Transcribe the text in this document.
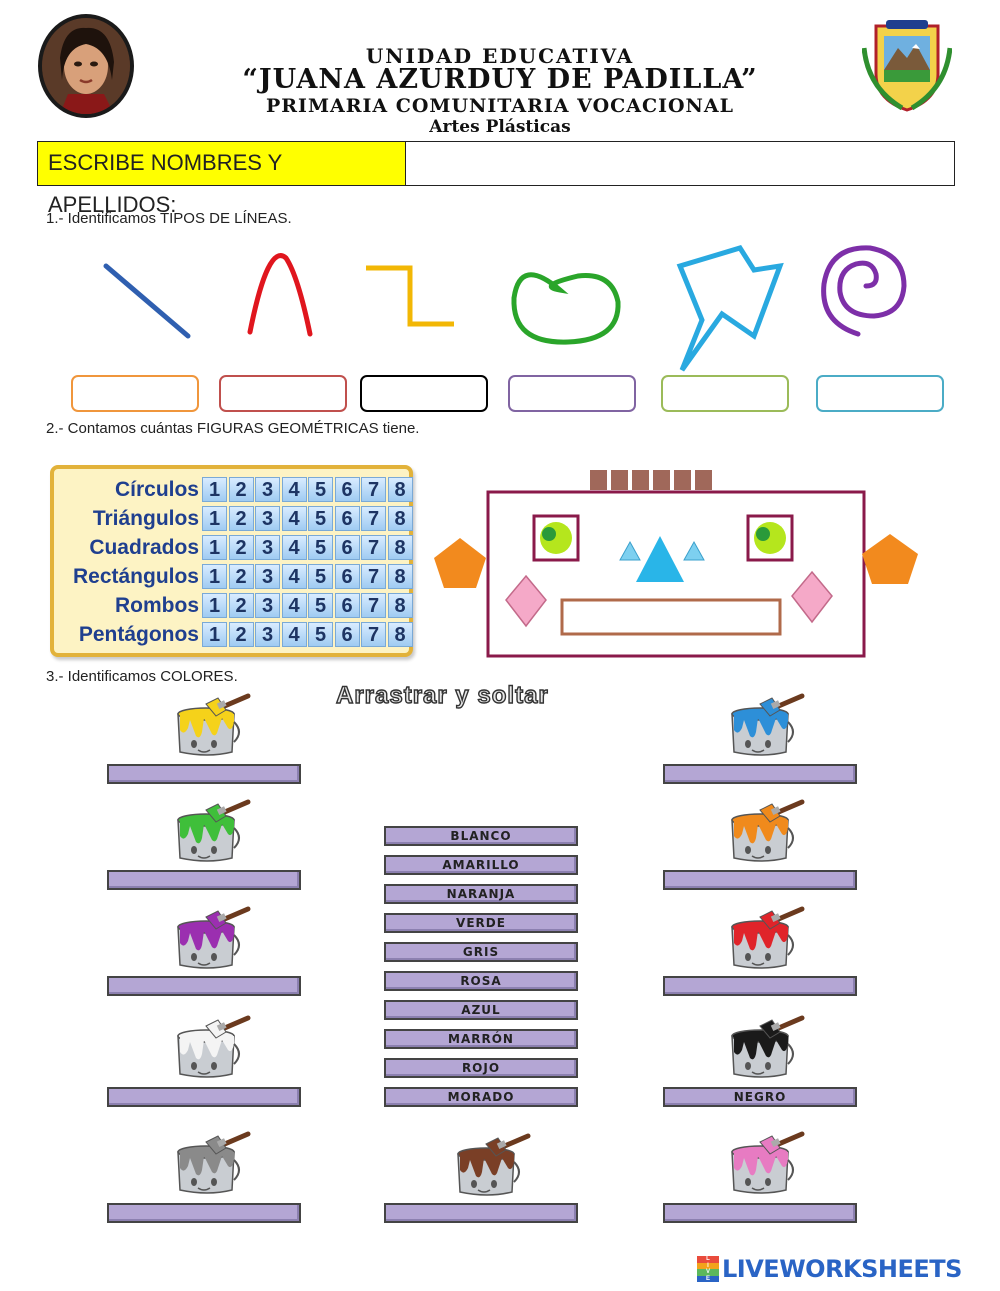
UNIDAD EDUCATIVA
“JUANA AZURDUY DE PADILLA”
PRIMARIA COMUNITARIA VOCACIONAL
Artes Plásticas
ESCRIBE NOMBRES Y APELLIDOS:
1.- Identificamos TIPOS DE LÍNEAS.
2.- Contamos cuántas FIGURAS GEOMÉTRICAS tiene.
Círculos 1 2 3 4 5 6 7 8
Triángulos 1 2 3 4 5 6 7 8
Cuadrados 1 2 3 4 5 6 7 8
Rectángulos 1 2 3 4 5 6 7 8
Rombos 1 2 3 4 5 6 7 8
Pentágonos 1 2 3 4 5 6 7 8
3.- Identificamos COLORES.
Arrastrar y soltar
NEGRO
BLANCO
AMARILLO
NARANJA
VERDE
GRIS
ROSA
AZUL
MARRÓN
ROJO
MORADO
L
I
V
E LIVEWORKSHEETS
